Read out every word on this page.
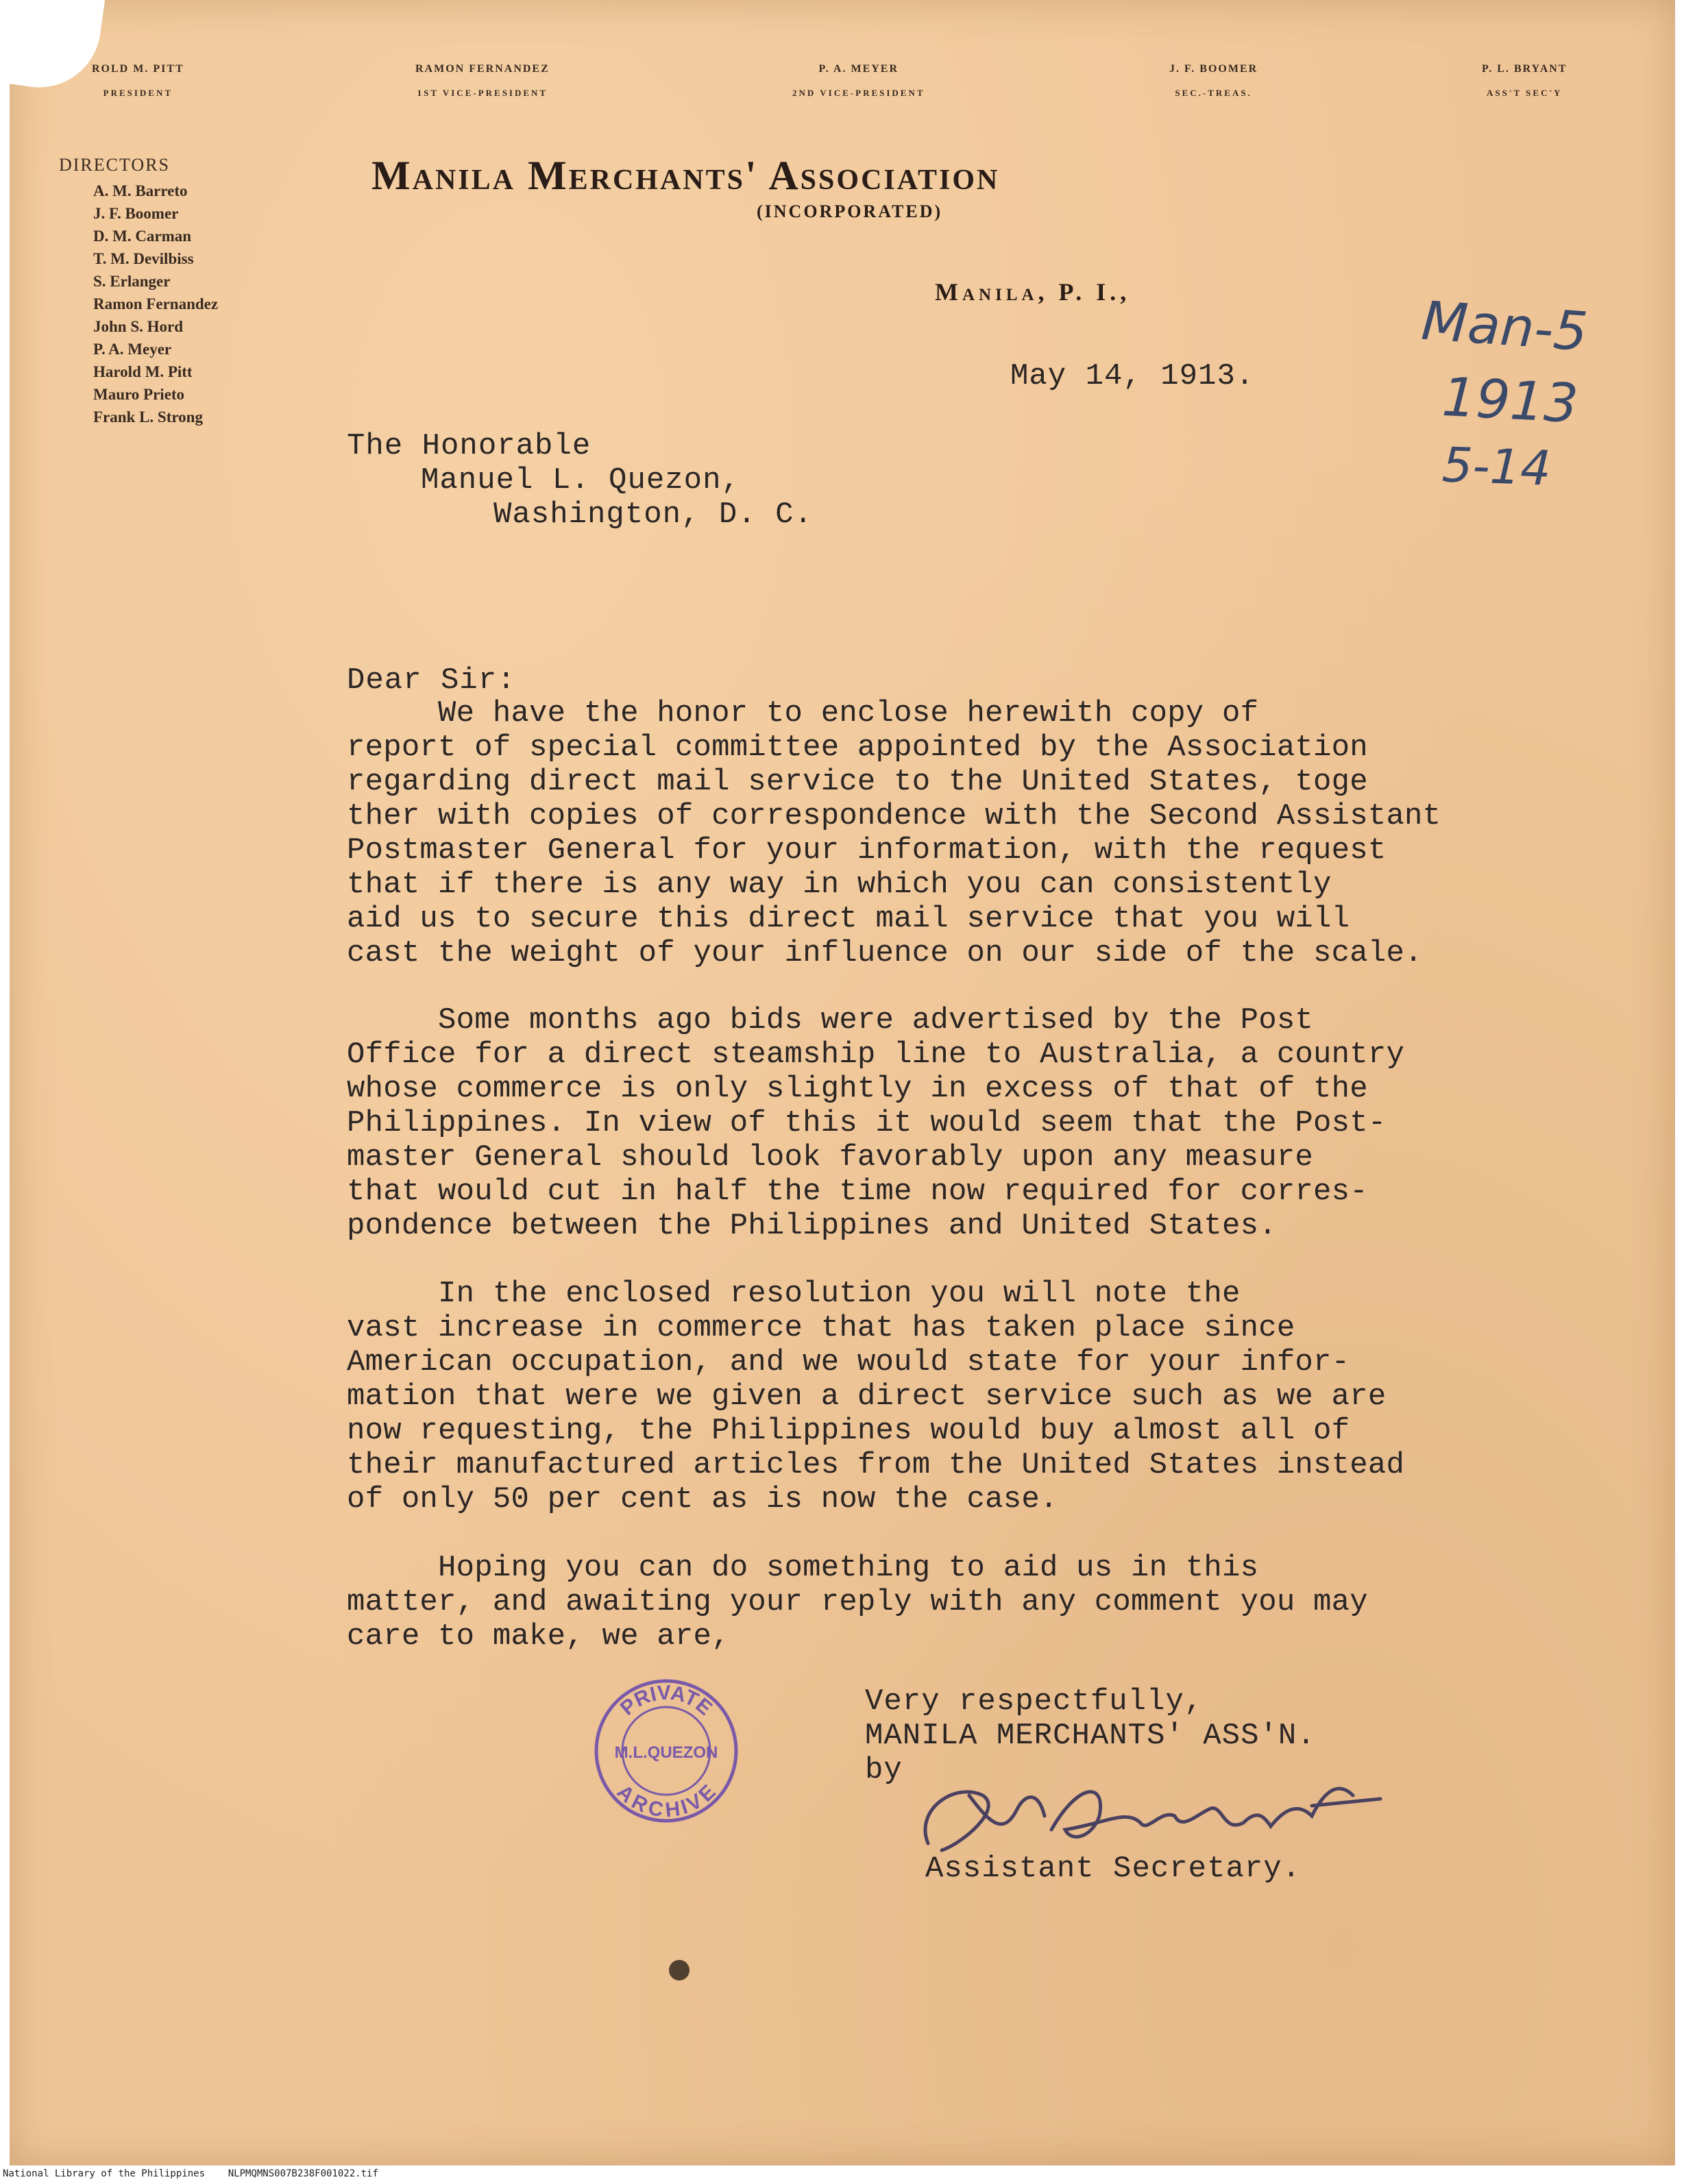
ROLD M. PITT
PRESIDENT
RAMON FERNANDEZ
1ST VICE-PRESIDENT
P. A. MEYER
2ND VICE-PRESIDENT
J. F. BOOMER
SEC.-TREAS.
P. L. BRYANT
ASS'T SEC'Y
DIRECTORS
A. M. Barreto
J. F. Boomer
D. M. Carman
T. M. Devilbiss
S. Erlanger
Ramon Fernandez
John S. Hord
P. A. Meyer
Harold M. Pitt
Mauro Prieto
Frank L. Strong
Manila Merchants' Association
(INCORPORATED)
Manila, P. I.,
May 14, 1913.
The Honorable
Manuel L. Quezon,
Washington, D. C.
Dear Sir:
We have the honor to enclose herewith copy of
report of special committee appointed by the Association
regarding direct mail service to the United States, toge
ther with copies of correspondence with the Second Assistant
Postmaster General for your information, with the request
that if there is any way in which you can consistently
aid us to secure this direct mail service that you will
cast the weight of your influence on our side of the scale.
Some months ago bids were advertised by the Post
Office for a direct steamship line to Australia, a country
whose commerce is only slightly in excess of that of the
Philippines. In view of this it would seem that the Post-
master General should look favorably upon any measure
that would cut in half the time now required for corres-
pondence between the Philippines and United States.
In the enclosed resolution you will note the
vast increase in commerce that has taken place since
American occupation, and we would state for your infor-
mation that were we given a direct service such as we are
now requesting, the Philippines would buy almost all of
their manufactured articles from the United States instead
of only 50 per cent as is now the case.
Hoping you can do something to aid us in this
matter, and awaiting your reply with any comment you may
care to make, we are,
Very respectfully,
MANILA MERCHANTS' ASS'N.
by
Assistant Secretary.
PRIVATE
M.L.QUEZON
ARCHIVE
Man-5
1913
5-14
National Library of the Philippines    NLPMQMNS007B238F001022.tif
